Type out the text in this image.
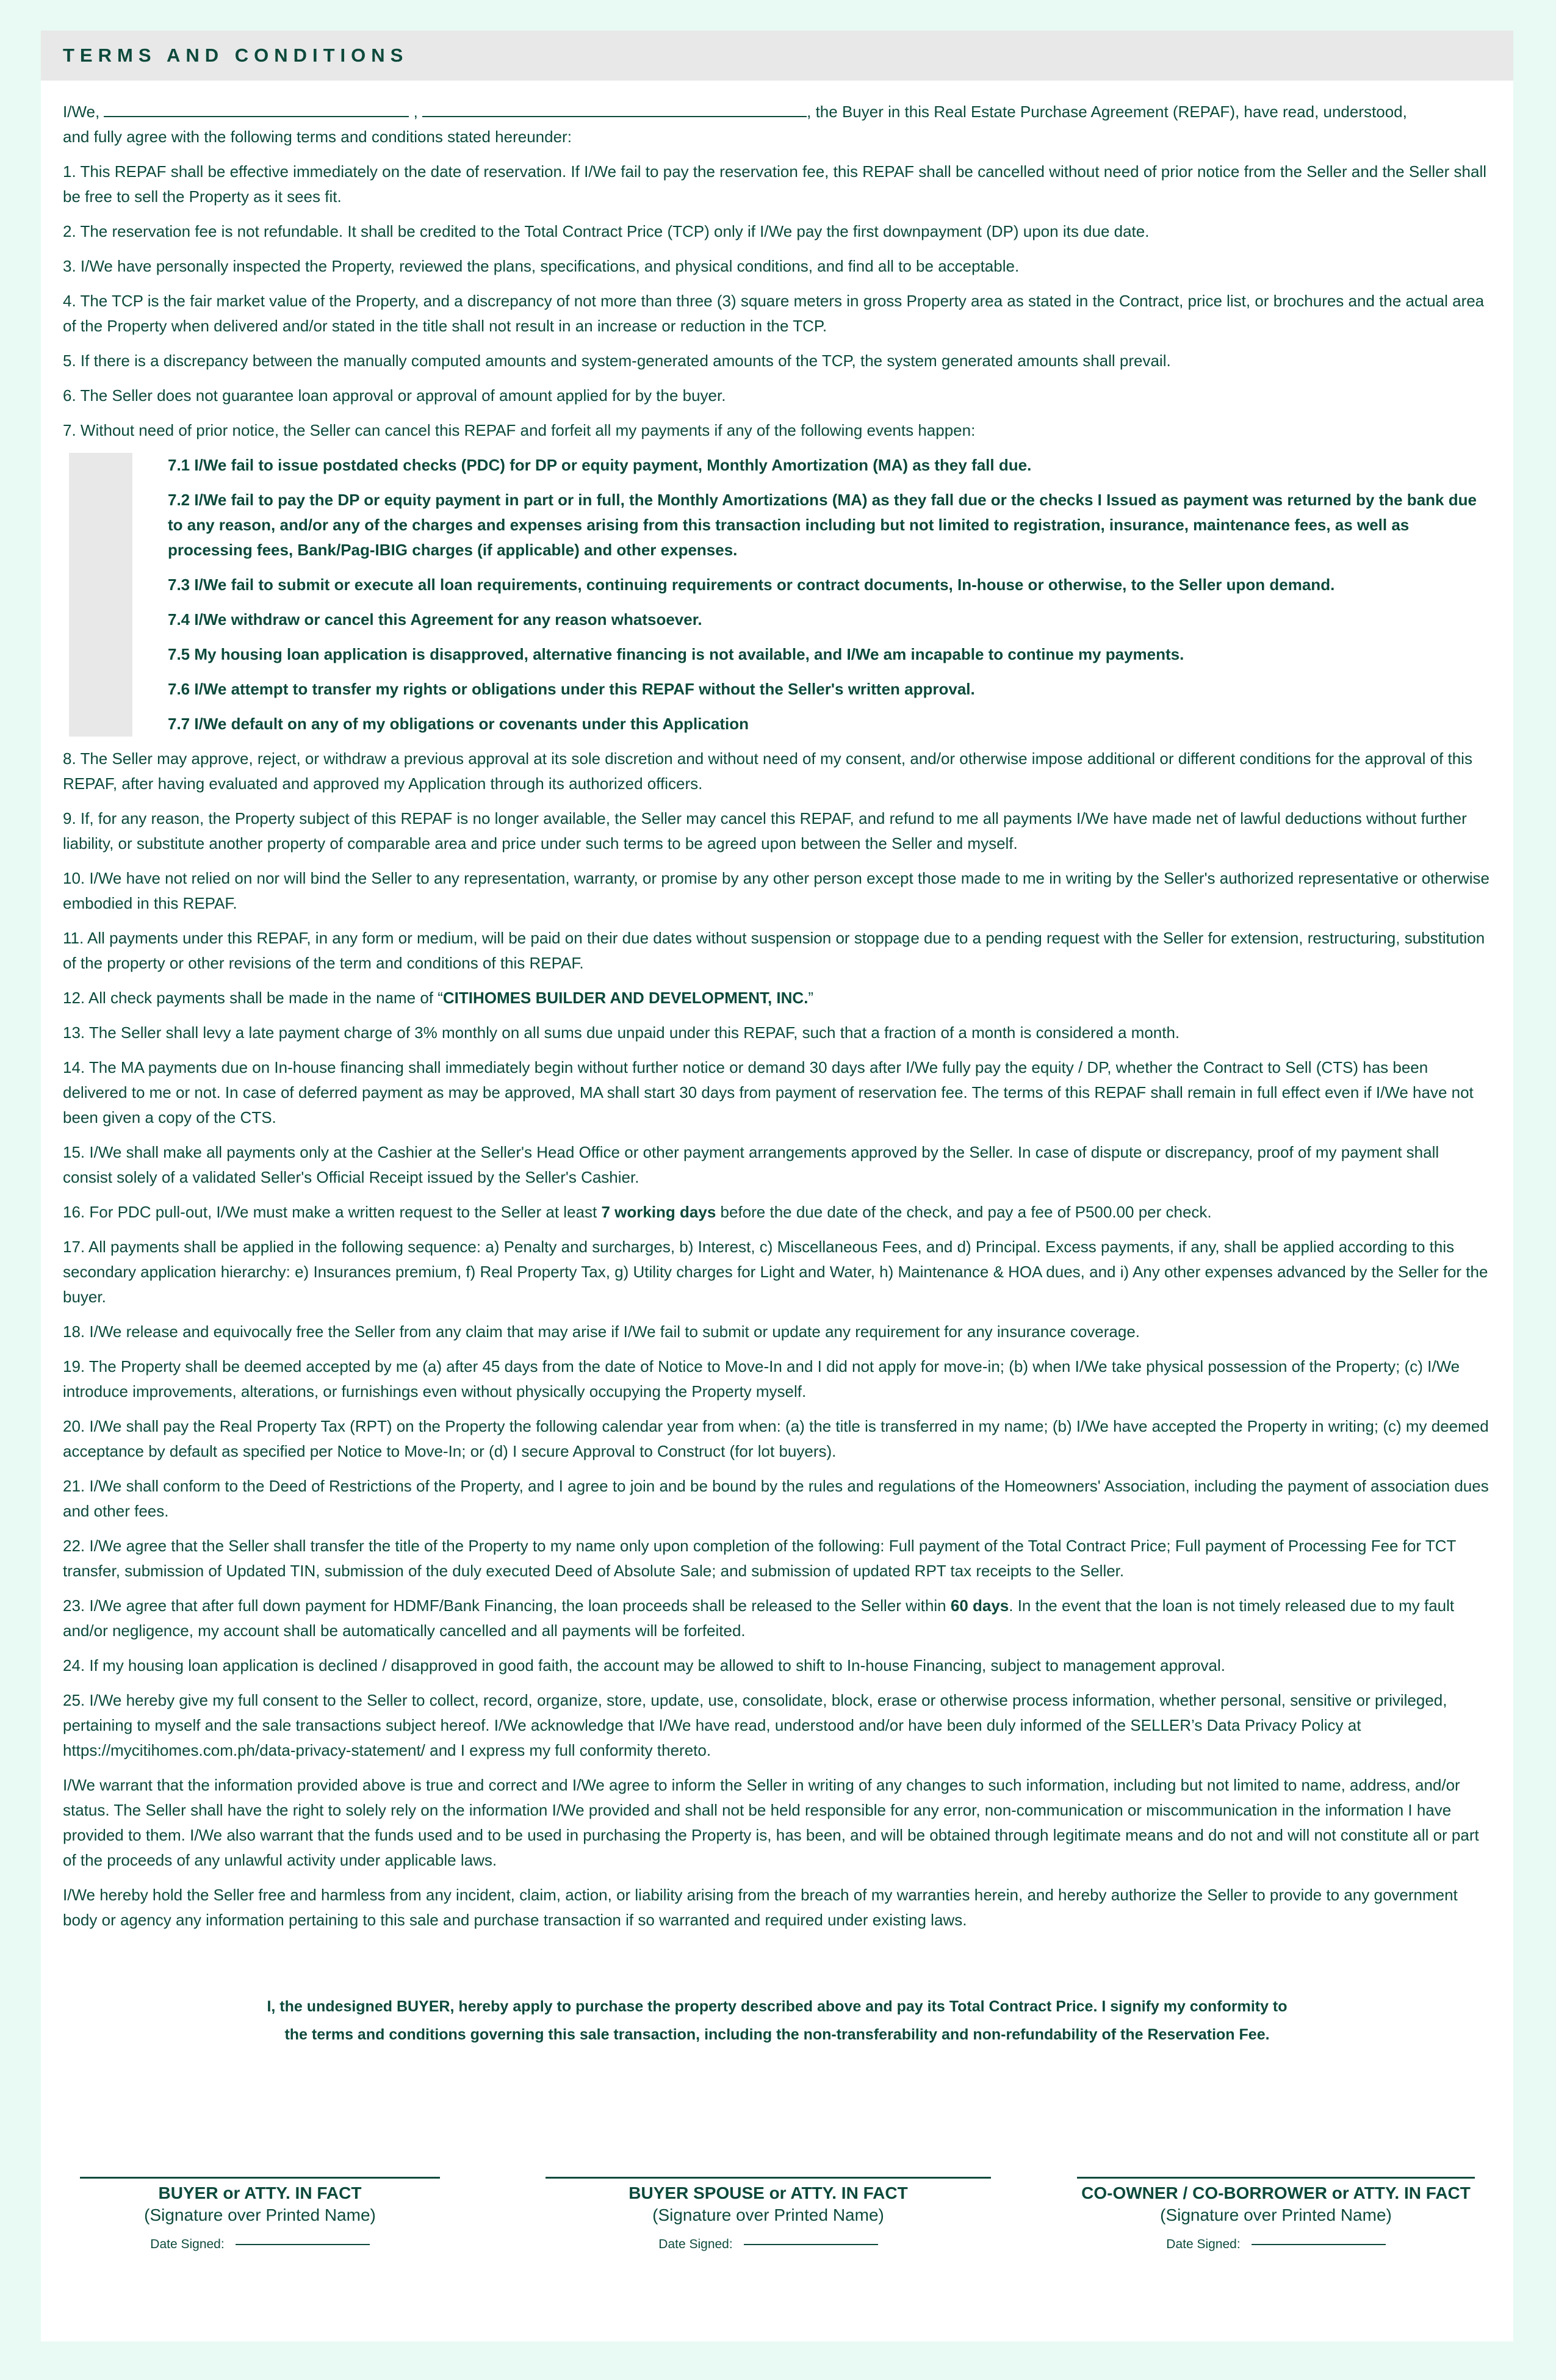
TERMS AND CONDITIONS

I/We,	,	, the Buyer in this Real Estate Purchase Agreement (REPAF), have read, understood,
and fully agree with the following terms and conditions stated hereunder:

1. This REPAF shall be effective immediately on the date of reservation. If I/We fail to pay the reservation fee, this REPAF shall be cancelled without need of prior notice from the Seller and the Seller shall be free to sell the Property as it sees fit.

2. The reservation fee is not refundable. It shall be credited to the Total Contract Price (TCP) only if I/We pay the first downpayment (DP) upon its due date.

3. I/We have personally inspected the Property, reviewed the plans, specifications, and physical conditions, and find all to be acceptable.

4. The TCP is the fair market value of the Property, and a discrepancy of not more than three (3) square meters in gross Property area as stated in the Contract, price list, or brochures and the actual area of the Property when delivered and/or stated in the title shall not result in an increase or reduction in the TCP.

5. If there is a discrepancy between the manually computed amounts and system-generated amounts of the TCP, the system generated amounts shall prevail.

6. The Seller does not guarantee loan approval or approval of amount applied for by the buyer.

7. Without need of prior notice, the Seller can cancel this REPAF and forfeit all my payments if any of the following events happen:

7.1 I/We fail to issue postdated checks (PDC) for DP or equity payment, Monthly Amortization (MA) as they fall due.
7.2 I/We fail to pay the DP or equity payment in part or in full, the Monthly Amortizations (MA) as they fall due or the checks I Issued as payment was returned by the bank due to any reason, and/or any of the charges and expenses arising from this transaction including but not limited to registration, insurance, maintenance fees, as well as processing fees, Bank/Pag-IBIG charges (if applicable) and other expenses.
7.3 I/We fail to submit or execute all loan requirements, continuing requirements or contract documents, In-house or otherwise, to the Seller upon demand.
7.4 I/We withdraw or cancel this Agreement for any reason whatsoever.
7.5 My housing loan application is disapproved, alternative financing is not available, and I/We am incapable to continue my payments.
7.6 I/We attempt to transfer my rights or obligations under this REPAF without the Seller's written approval.
7.7 I/We default on any of my obligations or covenants under this Application

8. The Seller may approve, reject, or withdraw a previous approval at its sole discretion and without need of my consent, and/or otherwise impose additional or different conditions for the approval of this REPAF, after having evaluated and approved my Application through its authorized officers.

9. If, for any reason, the Property subject of this REPAF is no longer available, the Seller may cancel this REPAF, and refund to me all payments I/We have made net of lawful deductions without further liability, or substitute another property of comparable area and price under such terms to be agreed upon between the Seller and myself.

10. I/We have not relied on nor will bind the Seller to any representation, warranty, or promise by any other person except those made to me in writing by the Seller's authorized representative or otherwise embodied in this REPAF.

11. All payments under this REPAF, in any form or medium, will be paid on their due dates without suspension or stoppage due to a pending request with the Seller for extension, restructuring, substitution of the property or other revisions of the term and conditions of this REPAF.

12. All check payments shall be made in the name of “CITIHOMES BUILDER AND DEVELOPMENT, INC.”

13. The Seller shall levy a late payment charge of 3% monthly on all sums due unpaid under this REPAF, such that a fraction of a month is considered a month.

14. The MA payments due on In-house financing shall immediately begin without further notice or demand 30 days after I/We fully pay the equity / DP, whether the Contract to Sell (CTS) has been delivered to me or not. In case of deferred payment as may be approved, MA shall start 30 days from payment of reservation fee. The terms of this REPAF shall remain in full effect even if I/We have not been given a copy of the CTS.

15. I/We shall make all payments only at the Cashier at the Seller's Head Office or other payment arrangements approved by the Seller. In case of dispute or discrepancy, proof of my payment shall consist solely of a validated Seller's Official Receipt issued by the Seller's Cashier.

16. For PDC pull-out, I/We must make a written request to the Seller at least 7 working days before the due date of the check, and pay a fee of P500.00 per check.

17. All payments shall be applied in the following sequence: a) Penalty and surcharges, b) Interest, c) Miscellaneous Fees, and d) Principal. Excess payments, if any, shall be applied according to this secondary application hierarchy: e) Insurances premium, f) Real Property Tax, g) Utility charges for Light and Water, h) Maintenance & HOA dues, and i) Any other expenses advanced by the Seller for the buyer.

18. I/We release and equivocally free the Seller from any claim that may arise if I/We fail to submit or update any requirement for any insurance coverage.

19. The Property shall be deemed accepted by me (a) after 45 days from the date of Notice to Move-In and I did not apply for move-in; (b) when I/We take physical possession of the Property; (c) I/We introduce improvements, alterations, or furnishings even without physically occupying the Property myself.

20. I/We shall pay the Real Property Tax (RPT) on the Property the following calendar year from when: (a) the title is transferred in my name; (b) I/We have accepted the Property in writing; (c) my deemed acceptance by default as specified per Notice to Move-In; or (d) I secure Approval to Construct (for lot buyers).

21. I/We shall conform to the Deed of Restrictions of the Property, and I agree to join and be bound by the rules and regulations of the Homeowners' Association, including the payment of association dues and other fees.

22. I/We agree that the Seller shall transfer the title of the Property to my name only upon completion of the following: Full payment of the Total Contract Price; Full payment of Processing Fee for TCT transfer, submission of Updated TIN, submission of the duly executed Deed of Absolute Sale; and submission of updated RPT tax receipts to the Seller.

23. I/We agree that after full down payment for HDMF/Bank Financing, the loan proceeds shall be released to the Seller within 60 days. In the event that the loan is not timely released due to my fault and/or negligence, my account shall be automatically cancelled and all payments will be forfeited.

24. If my housing loan application is declined / disapproved in good faith, the account may be allowed to shift to In-house Financing, subject to management approval.

25. I/We hereby give my full consent to the Seller to collect, record, organize, store, update, use, consolidate, block, erase or otherwise process information, whether personal, sensitive or privileged, pertaining to myself and the sale transactions subject hereof. I/We acknowledge that I/We have read, understood and/or have been duly informed of the SELLER’s Data Privacy Policy at https://mycitihomes.com.ph/data-privacy-statement/ and I express my full conformity thereto.

I/We warrant that the information provided above is true and correct and I/We agree to inform the Seller in writing of any changes to such information, including but not limited to name, address, and/or status. The Seller shall have the right to solely rely on the information I/We provided and shall not be held responsible for any error, non-communication or miscommunication in the information I have provided to them. I/We also warrant that the funds used and to be used in purchasing the Property is, has been, and will be obtained through legitimate means and do not and will not constitute all or part of the proceeds of any unlawful activity under applicable laws.

I/We hereby hold the Seller free and harmless from any incident, claim, action, or liability arising from the breach of my warranties herein, and hereby authorize the Seller to provide to any government body or agency any information pertaining to this sale and purchase transaction if so warranted and required under existing laws.

I, the undesigned BUYER, hereby apply to purchase the property described above and pay its Total Contract Price. I signify my conformity to
the terms and conditions governing this sale transaction, including the non-transferability and non-refundability of the Reservation Fee.
BUYER or ATTY. IN FACT
(Signature over Printed Name)
Date Signed:
BUYER SPOUSE or ATTY. IN FACT
(Signature over Printed Name)
Date Signed:
CO-OWNER / CO-BORROWER or ATTY. IN FACT
(Signature over Printed Name)
Date Signed:
